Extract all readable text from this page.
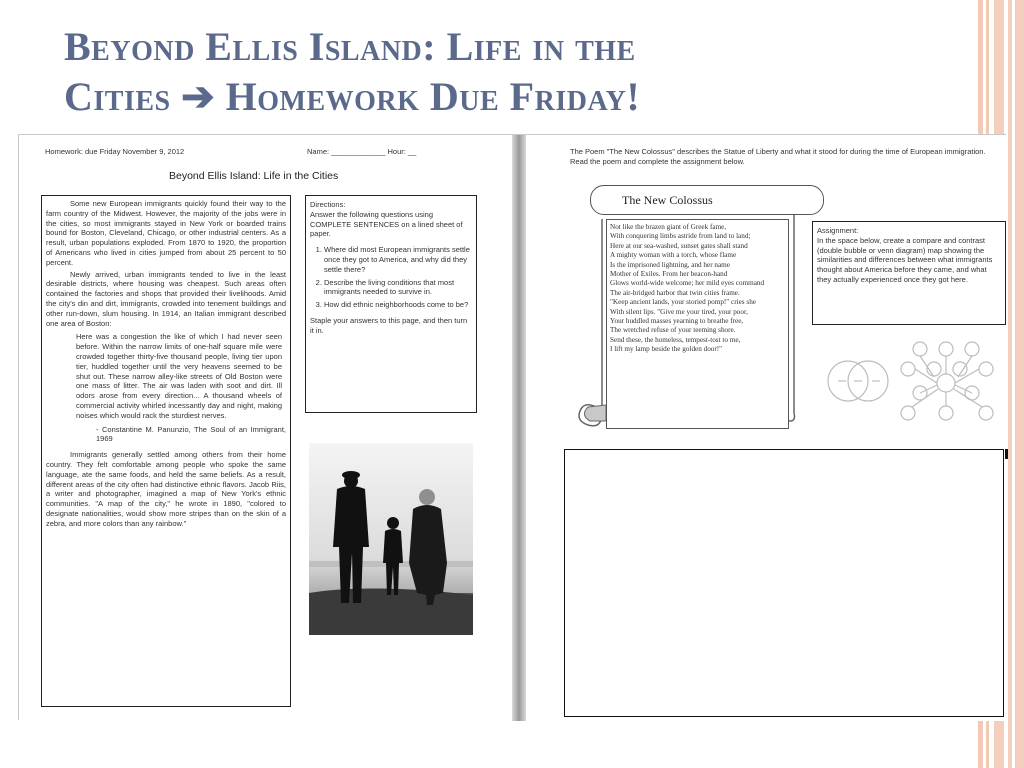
Beyond Ellis Island: Life in the
Cities ➔ Homework Due Friday!
Homework: due Friday November 9, 2012	Name: _____________ Hour: __
Beyond Ellis Island: Life in the Cities

Some new European immigrants quickly found their way to the farm country of the Midwest. However, the majority of the jobs were in the cities, so most immigrants stayed in New York or boarded trains bound for Boston, Cleveland, Chicago, or other industrial centers. As a result, urban populations exploded. From 1870 to 1920, the proportion of Americans who lived in cities jumped from about 25 percent to 50 percent.

Newly arrived, urban immigrants tended to live in the least desirable districts, where housing was cheapest. Such areas often contained the factories and shops that provided their livelihoods. Amid the city's din and dirt, immigrants, crowded into tenement buildings and other run-down, slum housing. In 1914, an Italian immigrant described one area of Boston:

Here was a congestion the like of which I had never seen before. Within the narrow limits of one-half square mile were crowded together thirty-five thousand people, living tier upon tier, huddled together until the very heavens seemed to be shut out. These narrow alley-like streets of Old Boston were one mass of litter. The air was laden with soot and dirt. Ill odors arose from every direction... A thousand wheels of commercial activity whirled incessantly day and night, making noises which would rack the sturdiest nerves.

- Constantine M. Panunzio, The Soul of an Immigrant, 1969

Immigrants generally settled among others from their home country. They felt comfortable among people who spoke the same language, ate the same foods, and held the same beliefs. As a result, different areas of the city often had distinctive ethnic flavors. Jacob Riis, a writer and photographer, imagined a map of New York's ethnic communities. "A map of the city," he wrote in 1890, "colored to designate nationalities, would show more stripes than on the skin of a zebra, and more colors than any rainbow."

Directions:
Answer the following questions using COMPLETE SENTENCES on a lined sheet of paper.
1. Where did most European immigrants settle once they got to America, and why did they settle there?
2. Describe the living conditions that most immigrants needed to survive in.
3. How did ethnic neighborhoods come to be?
Staple your answers to this page, and then turn it in.
The Poem "The New Colossus" describes the Statue of Liberty and what it stood for during the time of European immigration. Read the poem and complete the assignment below.
The New Colossus
Not like the brazen giant of Greek fame,
With conquering limbs astride from land to land;
Here at our sea-washed, sunset gates shall stand
A mighty woman with a torch, whose flame
Is the imprisoned lightning, and her name
Mother of Exiles. From her beacon-hand
Glows world-wide welcome; her mild eyes command
The air-bridged harbor that twin cities frame.
"Keep ancient lands, your storied pomp!" cries she
With silent lips. "Give me your tired, your poor,
Your huddled masses yearning to breathe free,
The wretched refuse of your teeming shore.
Send these, the homeless, tempest-tost to me,
I lift my lamp beside the golden door!"
Assignment:
In the space below, create a compare and contrast (double bubble or venn diagram) map showing the similarities and differences between what immigrants thought about America before they came, and what they actually experienced once they got here.
